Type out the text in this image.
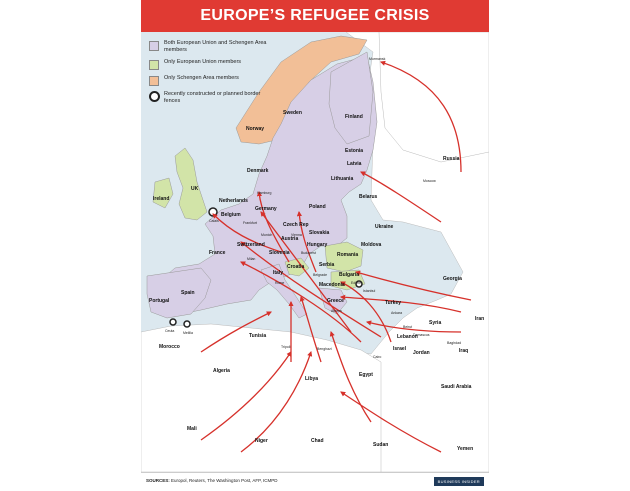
EUROPE’S REFUGEE CRISIS
Norway
Sweden
Finland
Estonia
Latvia
Lithuania
Denmark
UK
Ireland	Netherlands
Belgium
Germany	Poland
Belarus
Czech Rep
Slovakia
Ukraine
Austria
Hungary	Moldova
Switzerland
France	Slovenia
Croatia
Romania
Serbia
Bulgaria
Italy
Macedonia
Spain
Portugal	Greece	Turkey
Georgia
Russia
Iran
Iraq
Syria
Lebanon
Israel
Jordan
Morocco
Algeria
Tunisia
Libya
Egypt
Saudi Arabia
Mali
Niger	Chad
Sudan
Yemen
Murmansk
Moscow
Hamburg
Calais	Frankfurt
Munich	Vienna
Budapest
Milan
Rome
Belgrade
Athens
Istanbul
Edirne
Ankara
Beirut
Damascus
Baghdad
Cairo
Tripoli	Benghazi
Ceuta Melilla
Both European Union and Schengen Area members
Only European Union members
Only Schengen Area members
Recently constructed or planned border fences
SOURCES: Europol, Reuters, The Washington Post, AFP, ICMPD	BUSINESS INSIDER
